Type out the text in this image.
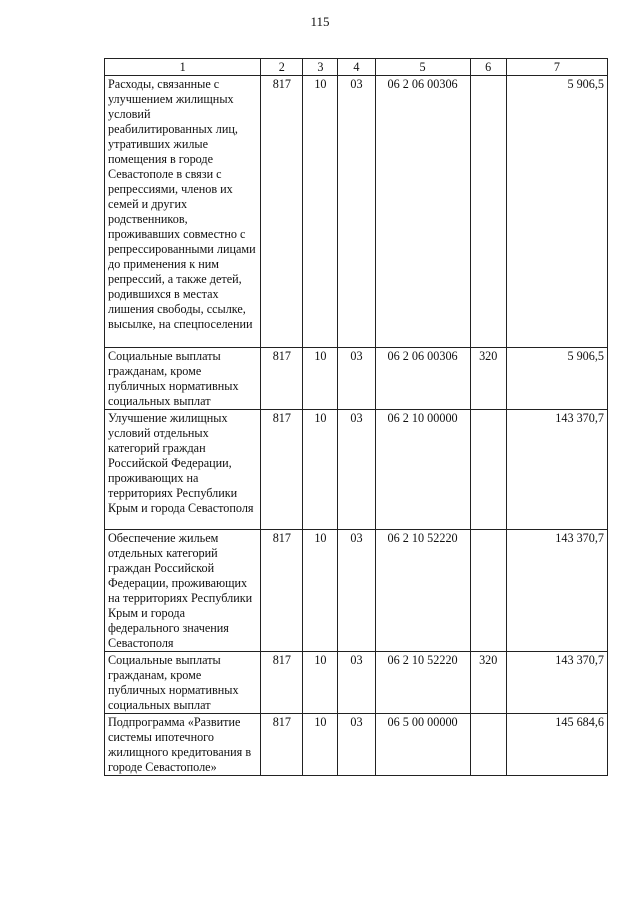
115
1	2	3	4	5	6	7
Расходы, связанные с улучшением жилищных условий реабилитированных лиц, утративших жилые помещения в городе Севастополе в связи с репрессиями, членов их семей и других родственников, проживавших совместно с репрессированными лицами до применения к ним репрессий, а также детей, родившихся в местах лишения свободы, ссылке, высылке, на спецпоселении	817	10	03	06 2 06 00306		5 906,5
Социальные выплаты гражданам, кроме публичных нормативных социальных выплат	817	10	03	06 2 06 00306	320	5 906,5
Улучшение жилищных условий отдельных категорий граждан Российской Федерации, проживающих на территориях Республики Крым и города Севастополя	817	10	03	06 2 10 00000		143 370,7
Обеспечение жильем отдельных категорий граждан Российской Федерации, проживающих на территориях Республики Крым и города федерального значения Севастополя	817	10	03	06 2 10 52220		143 370,7
Социальные выплаты гражданам, кроме публичных нормативных социальных выплат	817	10	03	06 2 10 52220	320	143 370,7
Подпрограмма «Развитие системы ипотечного жилищного кредитования в городе Севастополе»	817	10	03	06 5 00 00000		145 684,6
